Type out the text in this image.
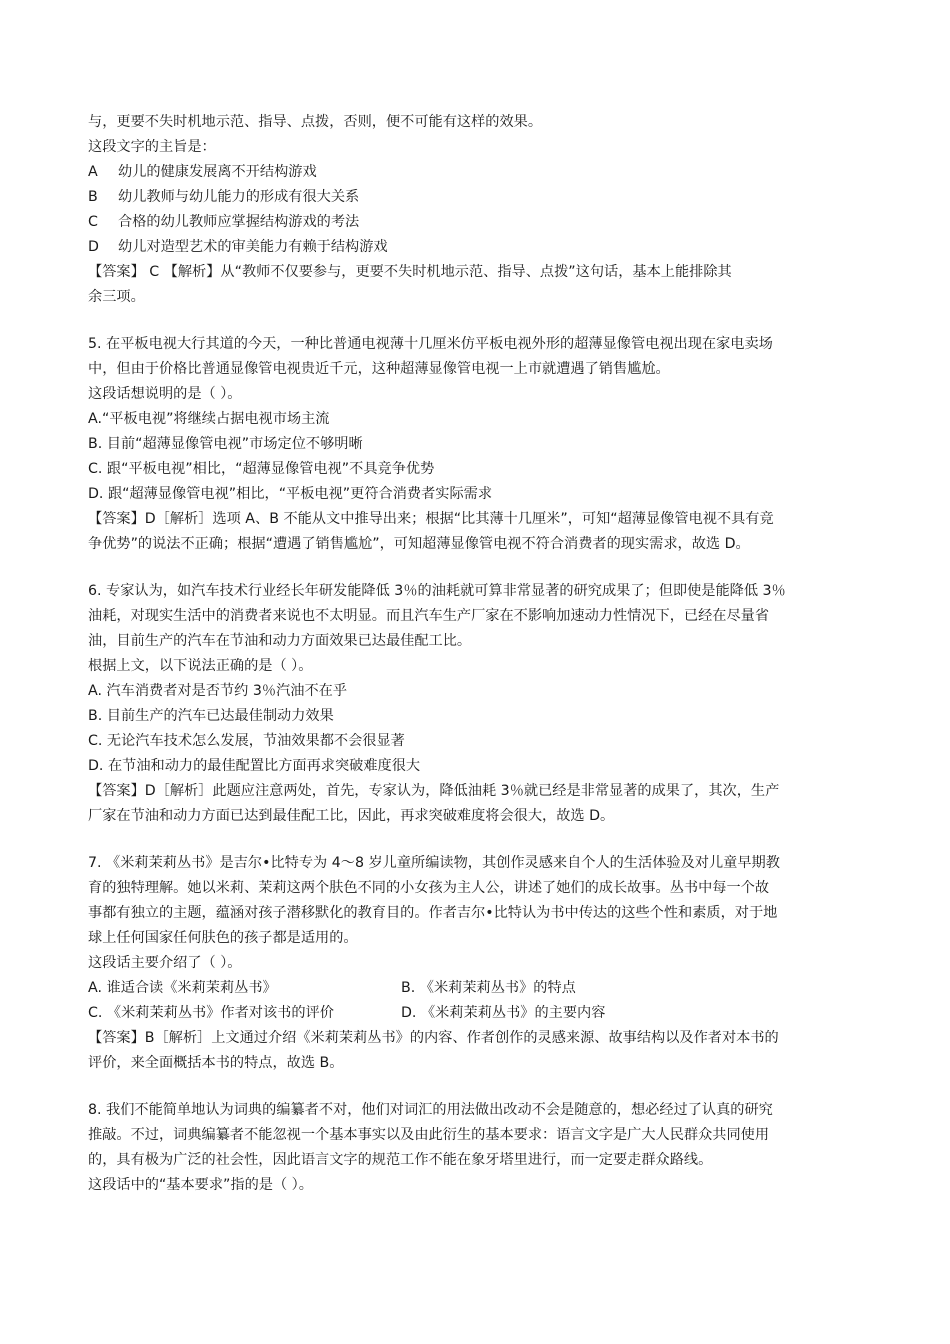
与，更要不失时机地示范、指导、点拨，否则，便不可能有这样的效果。
这段文字的主旨是：
A 幼儿的健康发展离不开结构游戏
B 幼儿教师与幼儿能力的形成有很大关系
C 合格的幼儿教师应掌握结构游戏的考法
D 幼儿对造型艺术的审美能力有赖于结构游戏
【答案】 C 【解析】从“教师不仅要参与，更要不失时机地示范、指导、点拨”这句话，基本上能排除其
余三项。
5. 在平板电视大行其道的今天，一种比普通电视薄十几厘米仿平板电视外形的超薄显像管电视出现在家电卖场
中，但由于价格比普通显像管电视贵近千元，这种超薄显像管电视一上市就遭遇了销售尴尬。
这段话想说明的是（ ）。
A.“平板电视”将继续占据电视市场主流
B. 目前“超薄显像管电视”市场定位不够明晰
C. 跟“平板电视”相比，“超薄显像管电视”不具竞争优势
D. 跟“超薄显像管电视”相比，“平板电视”更符合消费者实际需求
【答案】D［解析］选项 A、B 不能从文中推导出来；根据“比其薄十几厘米”，可知“超薄显像管电视不具有竞
争优势”的说法不正确；根据“遭遇了销售尴尬”，可知超薄显像管电视不符合消费者的现实需求，故选 D。
6. 专家认为，如汽车技术行业经长年研发能降低 3％的油耗就可算非常显著的研究成果了；但即使是能降低 3％
油耗，对现实生活中的消费者来说也不太明显。而且汽车生产厂家在不影响加速动力性情况下，已经在尽量省
油，目前生产的汽车在节油和动力方面效果已达最佳配工比。
根据上文，以下说法正确的是（ ）。
A. 汽车消费者对是否节约 3％汽油不在乎
B. 目前生产的汽车已达最佳制动力效果
C. 无论汽车技术怎么发展，节油效果都不会很显著
D. 在节油和动力的最佳配置比方面再求突破难度很大
【答案】D［解析］此题应注意两处，首先，专家认为，降低油耗 3％就已经是非常显著的成果了，其次，生产
厂家在节油和动力方面已达到最佳配工比，因此，再求突破难度将会很大，故选 D。
7. 《米莉茉莉丛书》是吉尔•比特专为 4～8 岁儿童所编读物，其创作灵感来自个人的生活体验及对儿童早期教
育的独特理解。她以米莉、茉莉这两个肤色不同的小女孩为主人公，讲述了她们的成长故事。丛书中每一个故
事都有独立的主题，蕴涵对孩子潜移默化的教育目的。作者吉尔•比特认为书中传达的这些个性和素质，对于地
球上任何国家任何肤色的孩子都是适用的。
这段话主要介绍了（ ）。
A. 谁适合读《米莉茉莉丛书》	B. 《米莉茉莉丛书》的特点
C. 《米莉茉莉丛书》作者对该书的评价	D. 《米莉茉莉丛书》的主要内容
【答案】B［解析］上文通过介绍《米莉茉莉丛书》的内容、作者创作的灵感来源、故事结构以及作者对本书的
评价，来全面概括本书的特点，故选 B。
8. 我们不能简单地认为词典的编纂者不对，他们对词汇的用法做出改动不会是随意的，想必经过了认真的研究
推敲。不过，词典编纂者不能忽视一个基本事实以及由此衍生的基本要求：语言文字是广大人民群众共同使用
的，具有极为广泛的社会性，因此语言文字的规范工作不能在象牙塔里进行，而一定要走群众路线。
这段话中的“基本要求”指的是（ ）。
